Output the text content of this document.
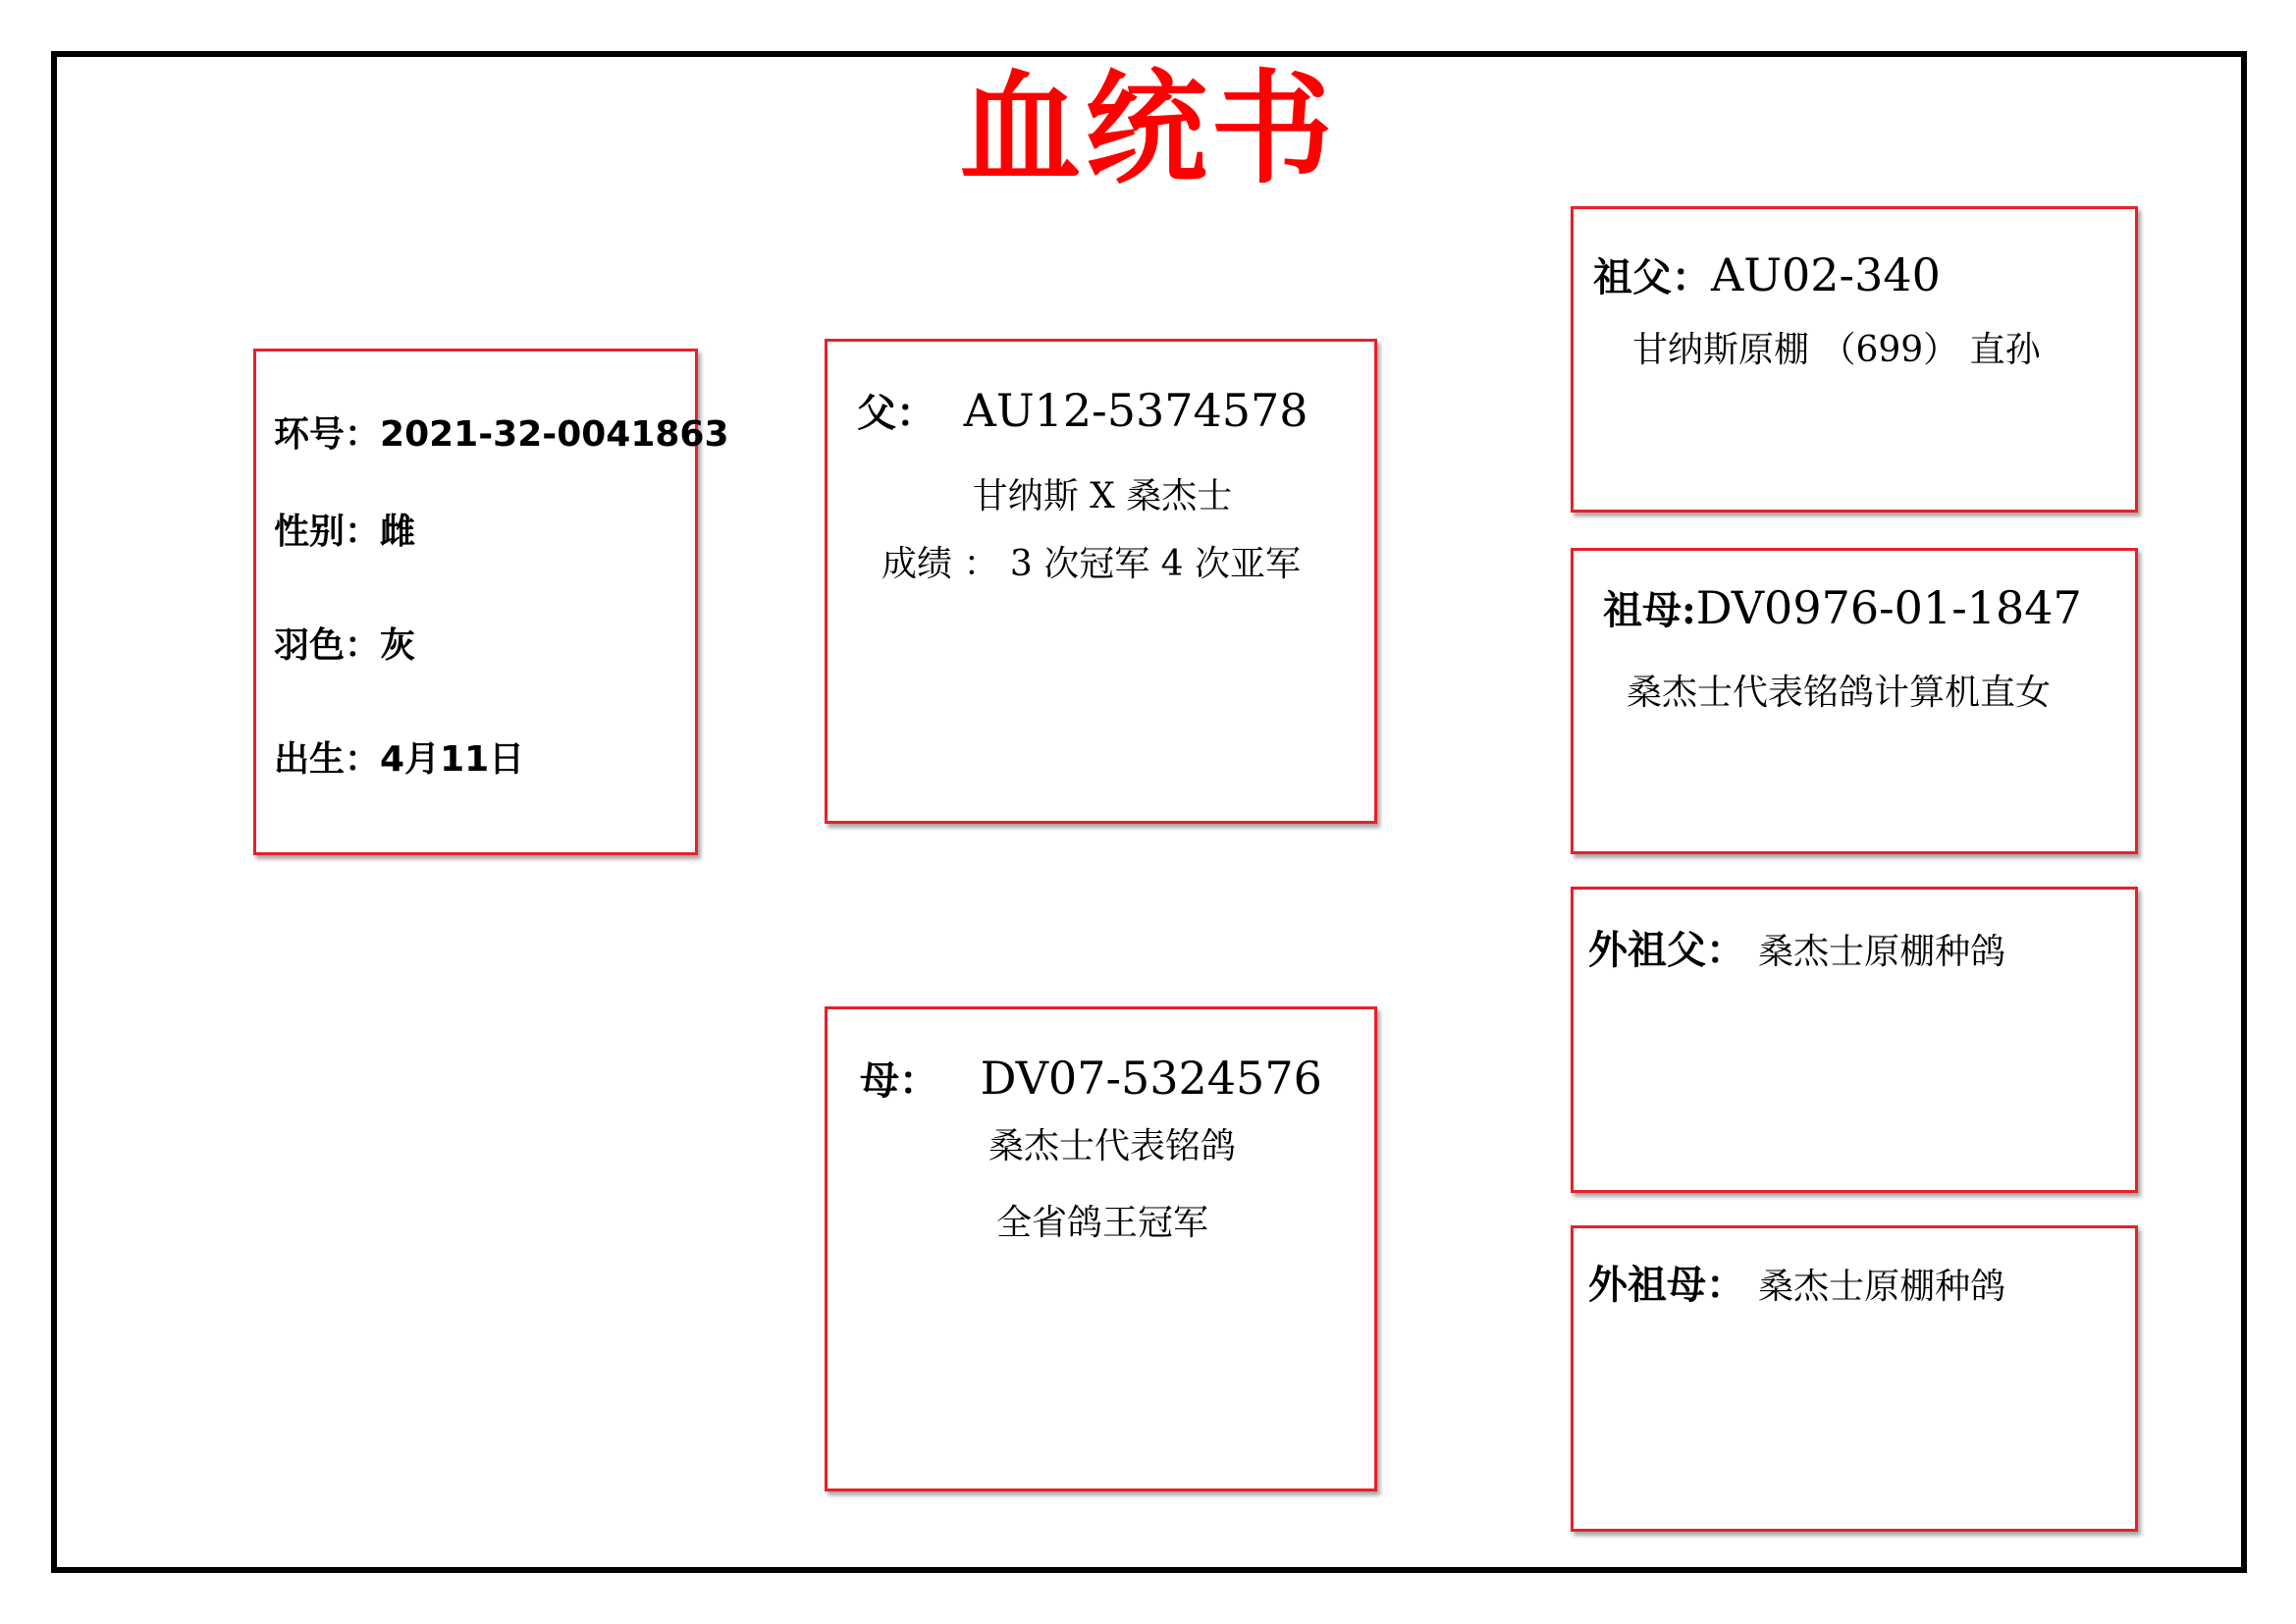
血统书
环号：2021-32-0041863
性别：雌
羽色：灰
出生：4月11日
父： AU12-5374578
甘纳斯 X 桑杰士
成绩 ： 3 次冠军 4 次亚军
母： DV07-5324576
桑杰士代表铭鸽
全省鸽王冠军
祖父：AU02-340
甘纳斯原棚 （699） 直孙
祖母:DV0976-01-1847
桑杰士代表铭鸽计算机直女
外祖父： 桑杰士原棚种鸽
外祖母： 桑杰士原棚种鸽
